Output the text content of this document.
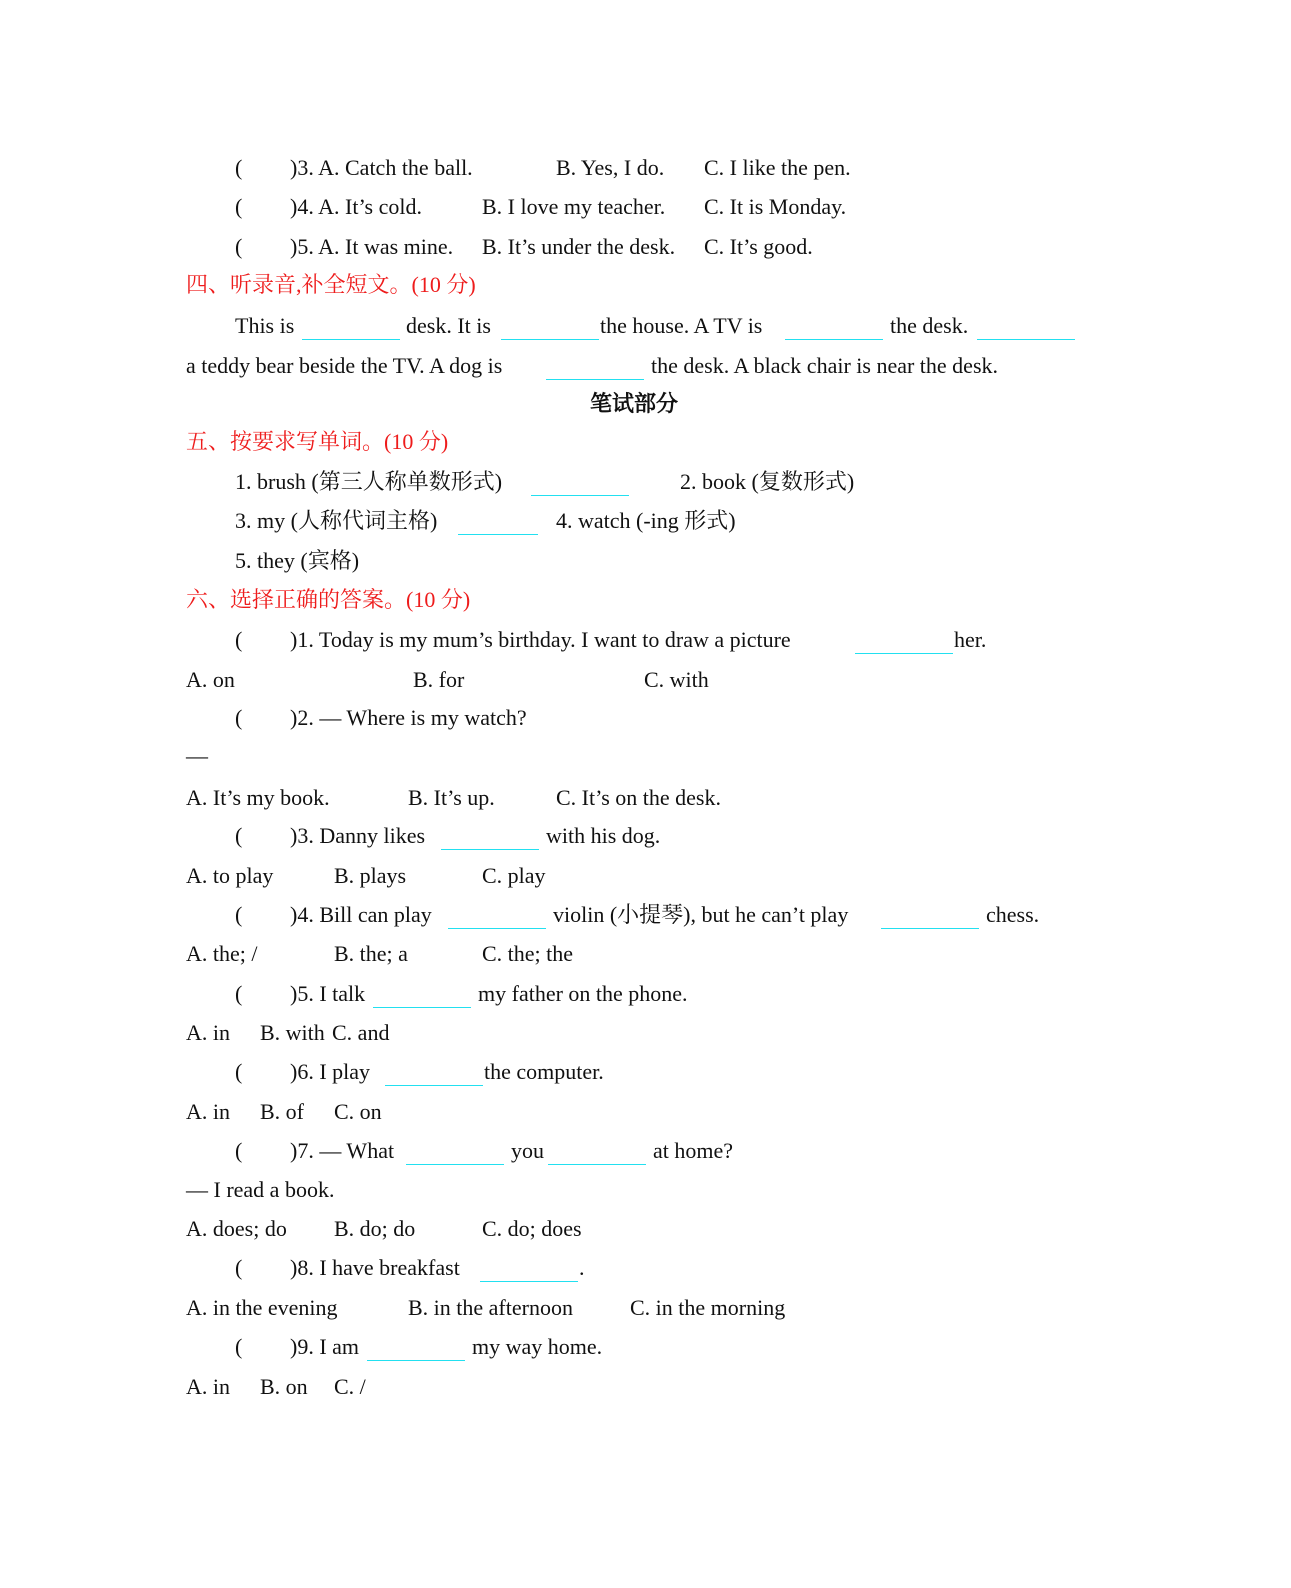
( )3. A. Catch the ball.	B. Yes, I do. C. I like the pen.
( )4. A. It’s cold.	B. I love my teacher. C. It is Monday.
( )5. A. It was mine. B. It’s under the desk. C. It’s good.
四、听录音,补全短文。(10 分)
This is	desk. It is	the house. A TV is	the desk.
a teddy bear beside the TV. A dog is	the desk. A black chair is near the desk.
笔试部分
五、按要求写单词。(10 分)
1. brush (第三人称单数形式)	2. book (复数形式)
3. my (人称代词主格)	4. watch (-ing 形式)
5. they (宾格)
六、选择正确的答案。(10 分)
( )1. Today is my mum’s birthday. I want to draw a picture	her.
A. on	B. for	C. with
( )2. — Where is my watch?
—
A. It’s my book.	B. It’s up.	C. It’s on the desk.
( )3. Danny likes	with his dog.
A. to play	B. plays	C. play
( )4. Bill can play	violin (小提琴), but he can’t play	chess.
A. the; /	B. the; a	C. the; the
( )5. I talk	my father on the phone.
A. in B. with C. and
( )6. I play	the computer.
A. in B. of C. on
( )7. — What	you	at home?
— I read a book.
A. does; do B. do; do	C. do; does
( )8. I have breakfast	.
A. in the evening	B. in the afternoon	C. in the morning
( )9. I am	my way home.
A. in B. on C. /
